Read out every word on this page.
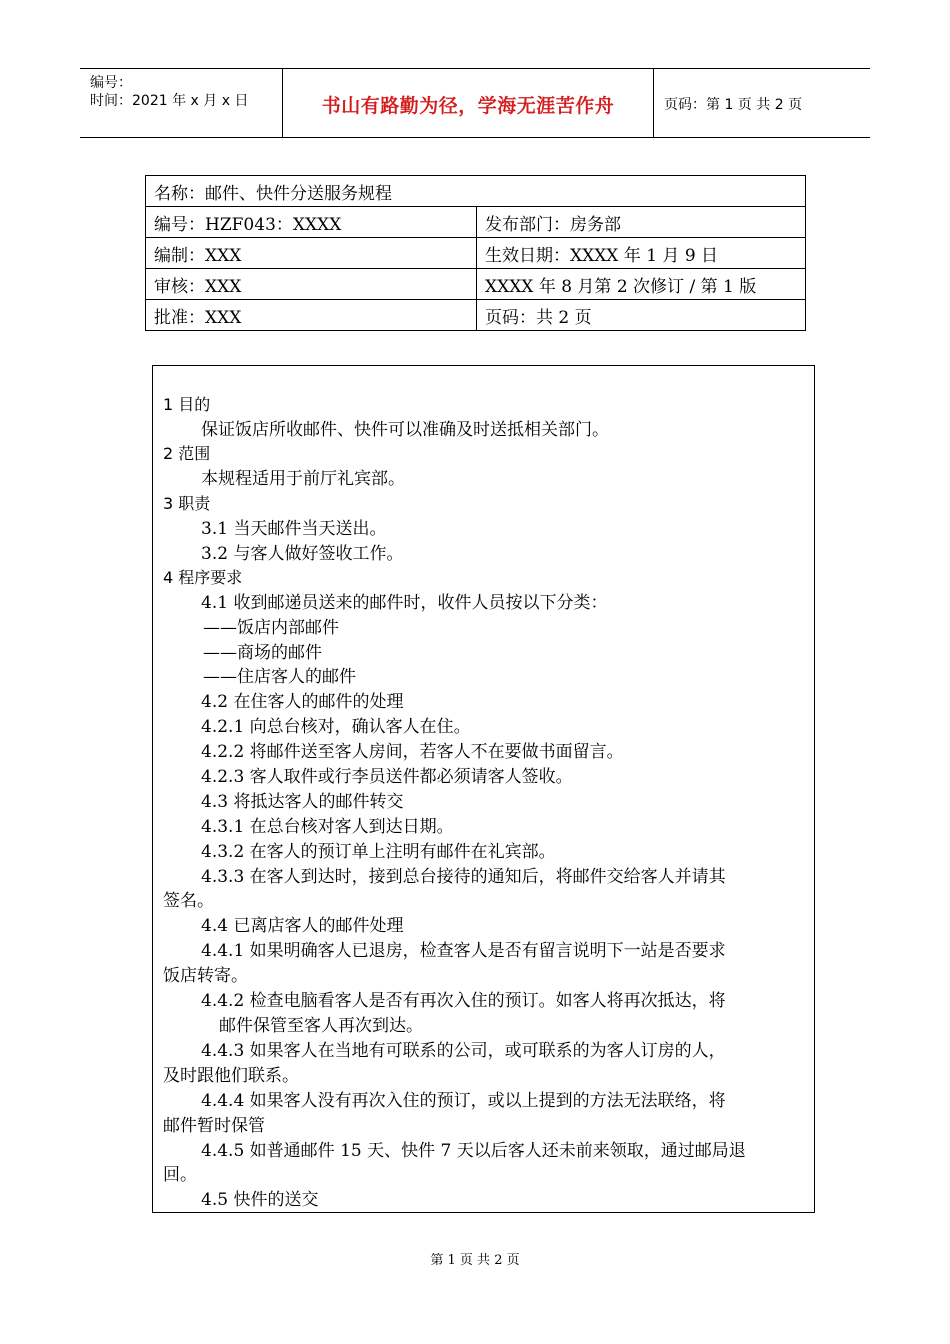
编号：
时间：2021 年 x 月 x 日	书山有路勤为径，学海无涯苦作舟	页码：第 1 页 共 2 页
名称：邮件、快件分送服务规程	
编号：HZF043：XXXX	发布部门：房务部
编制：XXX	生效日期：XXXX 年 1 月 9 日
审核：XXX	XXXX 年 8 月第 2 次修订 / 第 1 版
批准：XXX	页码：共 2 页
1 目的
保证饭店所收邮件、快件可以准确及时送抵相关部门。
2 范围
本规程适用于前厅礼宾部。
3 职责
3.1 当天邮件当天送出。
3.2 与客人做好签收工作。
4 程序要求
4.1 收到邮递员送来的邮件时，收件人员按以下分类：
——饭店内部邮件
——商场的邮件
——住店客人的邮件
4.2 在住客人的邮件的处理
4.2.1 向总台核对，确认客人在住。
4.2.2 将邮件送至客人房间，若客人不在要做书面留言。
4.2.3 客人取件或行李员送件都必须请客人签收。
4.3 将抵达客人的邮件转交
4.3.1 在总台核对客人到达日期。
4.3.2 在客人的预订单上注明有邮件在礼宾部。
4.3.3 在客人到达时，接到总台接待的通知后，将邮件交给客人并请其
签名。
4.4 已离店客人的邮件处理
4.4.1 如果明确客人已退房，检查客人是否有留言说明下一站是否要求
饭店转寄。
4.4.2 检查电脑看客人是否有再次入住的预订。如客人将再次抵达，将
邮件保管至客人再次到达。
4.4.3 如果客人在当地有可联系的公司，或可联系的为客人订房的人，
及时跟他们联系。
4.4.4 如果客人没有再次入住的预订，或以上提到的方法无法联络，将
邮件暂时保管
4.4.5 如普通邮件 15 天、快件 7 天以后客人还未前来领取，通过邮局退
回。
4.5 快件的送交
第 1 页 共 2 页
